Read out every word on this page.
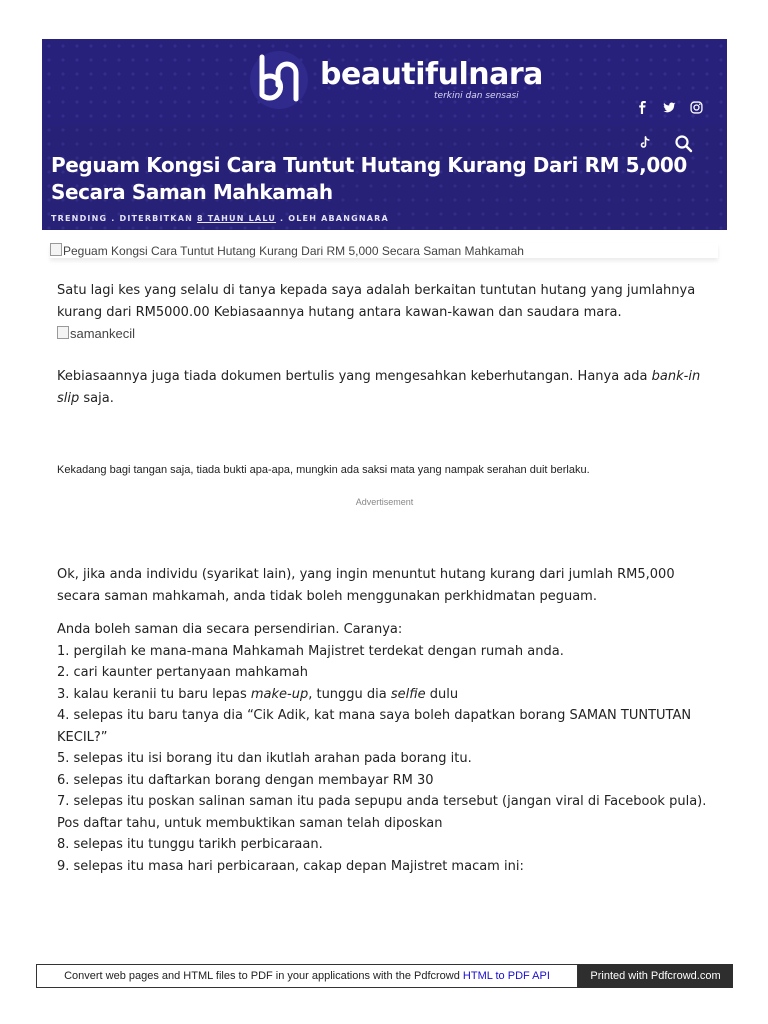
beautifulnara
terkini dan sensasi
Peguam Kongsi Cara Tuntut Hutang Kurang Dari RM 5,000 Secara Saman Mahkamah
TRENDING . DITERBITKAN 8 TAHUN LALU . OLEH ABANGNARA
Peguam Kongsi Cara Tuntut Hutang Kurang Dari RM 5,000 Secara Saman Mahkamah

Satu lagi kes yang selalu di tanya kepada saya adalah berkaitan tuntutan hutang yang jumlahnya kurang dari RM5000.00 Kebiasaannya hutang antara kawan-kawan dan saudara mara.

samankecil

Kebiasaannya juga tiada dokumen bertulis yang mengesahkan keberhutangan. Hanya ada bank-in slip saja.

Kekadang bagi tangan saja, tiada bukti apa-apa, mungkin ada saksi mata yang nampak serahan duit berlaku.
Advertisement

Ok, jika anda individu (syarikat lain), yang ingin menuntut hutang kurang dari jumlah RM5,000 secara saman mahkamah, anda tidak boleh menggunakan perkhidmatan peguam.

Anda boleh saman dia secara persendirian. Caranya:
1. pergilah ke mana-mana Mahkamah Majistret terdekat dengan rumah anda.
2. cari kaunter pertanyaan mahkamah
3. kalau keranii tu baru lepas make-up, tunggu dia selfie dulu
4. selepas itu baru tanya dia “Cik Adik, kat mana saya boleh dapatkan borang SAMAN TUNTUTAN KECIL?”
5. selepas itu isi borang itu dan ikutlah arahan pada borang itu.
6. selepas itu daftarkan borang dengan membayar RM 30
7. selepas itu poskan salinan saman itu pada sepupu anda tersebut (jangan viral di Facebook pula). Pos daftar tahu, untuk membuktikan saman telah diposkan
8. selepas itu tunggu tarikh perbicaraan.
9. selepas itu masa hari perbicaraan, cakap depan Majistret macam ini:
Convert web pages and HTML files to PDF in your applications with the Pdfcrowd HTML to PDF API	Printed with Pdfcrowd.com
